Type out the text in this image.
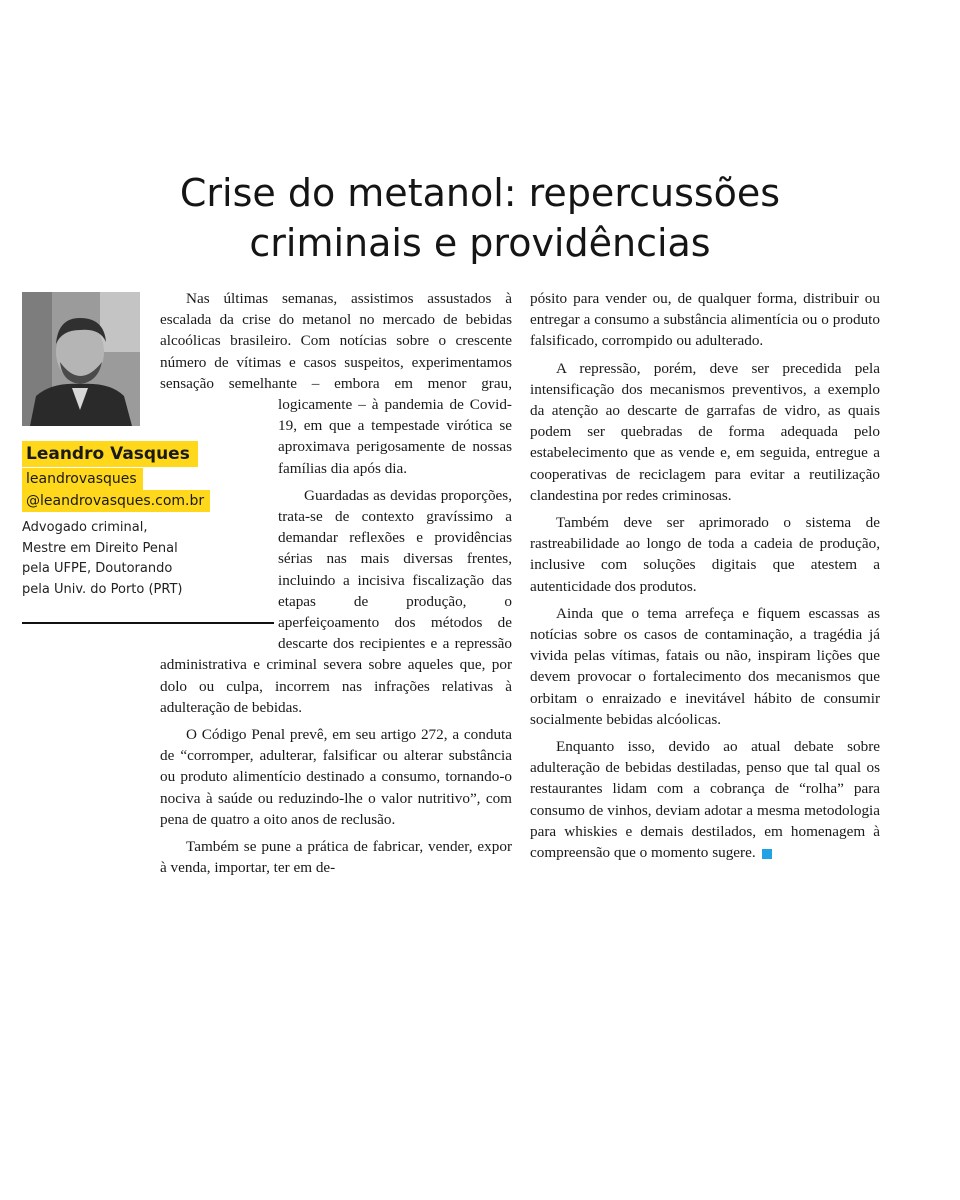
Crise do metanol: repercussões
criminais e providências
Leandro Vasques
leandrovasques
@leandrovasques.com.br
Advogado criminal,
Mestre em Direito Penal
pela UFPE, Doutorando
pela Univ. do Porto (PRT)

Nas últimas semanas, assistimos assustados à escalada da crise do metanol no mercado de bebidas alcoólicas brasileiro. Com notícias sobre o crescente número de vítimas e casos suspeitos, experimentamos sensação semelhante – embora em menor grau, logicamente – à pandemia de Covid-19, em que a tempestade virótica se aproximava perigosamente de nossas famílias dia após dia.

Guardadas as devidas proporções, trata-se de contexto gravíssimo a demandar reflexões e providências sérias nas mais diversas frentes, incluindo a incisiva fiscalização das etapas de produção, o aperfeiçoamento dos métodos de descarte dos recipientes e a repressão administrativa e criminal severa sobre aqueles que, por dolo ou culpa, incorrem nas infrações relativas à adulteração de bebidas.

O Código Penal prevê, em seu artigo 272, a conduta de “corromper, adulterar, falsificar ou alterar substância ou produto alimentício destinado a consumo, tornando-o nociva à saúde ou reduzindo-lhe o valor nutritivo”, com pena de quatro a oito anos de reclusão.

Também se pune a prática de fabricar, vender, expor à venda, importar, ter em de-

pósito para vender ou, de qualquer forma, distribuir ou entregar a consumo a substância alimentícia ou o produto falsificado, corrompido ou adulterado.

A repressão, porém, deve ser precedida pela intensificação dos mecanismos preventivos, a exemplo da atenção ao descarte de garrafas de vidro, as quais podem ser quebradas de forma adequada pelo estabelecimento que as vende e, em seguida, entregue a cooperativas de reciclagem para evitar a reutilização clandestina por redes criminosas.

Também deve ser aprimorado o sistema de rastreabilidade ao longo de toda a cadeia de produção, inclusive com soluções digitais que atestem a autenticidade dos produtos.

Ainda que o tema arrefeça e fiquem escassas as notícias sobre os casos de contaminação, a tragédia já vivida pelas vítimas, fatais ou não, inspiram lições que devem provocar o fortalecimento dos mecanismos que orbitam o enraizado e inevitável hábito de consumir socialmente bebidas alcóolicas.

Enquanto isso, devido ao atual debate sobre adulteração de bebidas destiladas, penso que tal qual os restaurantes lidam com a cobrança de “rolha” para consumo de vinhos, deviam adotar a mesma metodologia para whiskies e demais destilados, em homenagem à compreensão que o momento sugere.
